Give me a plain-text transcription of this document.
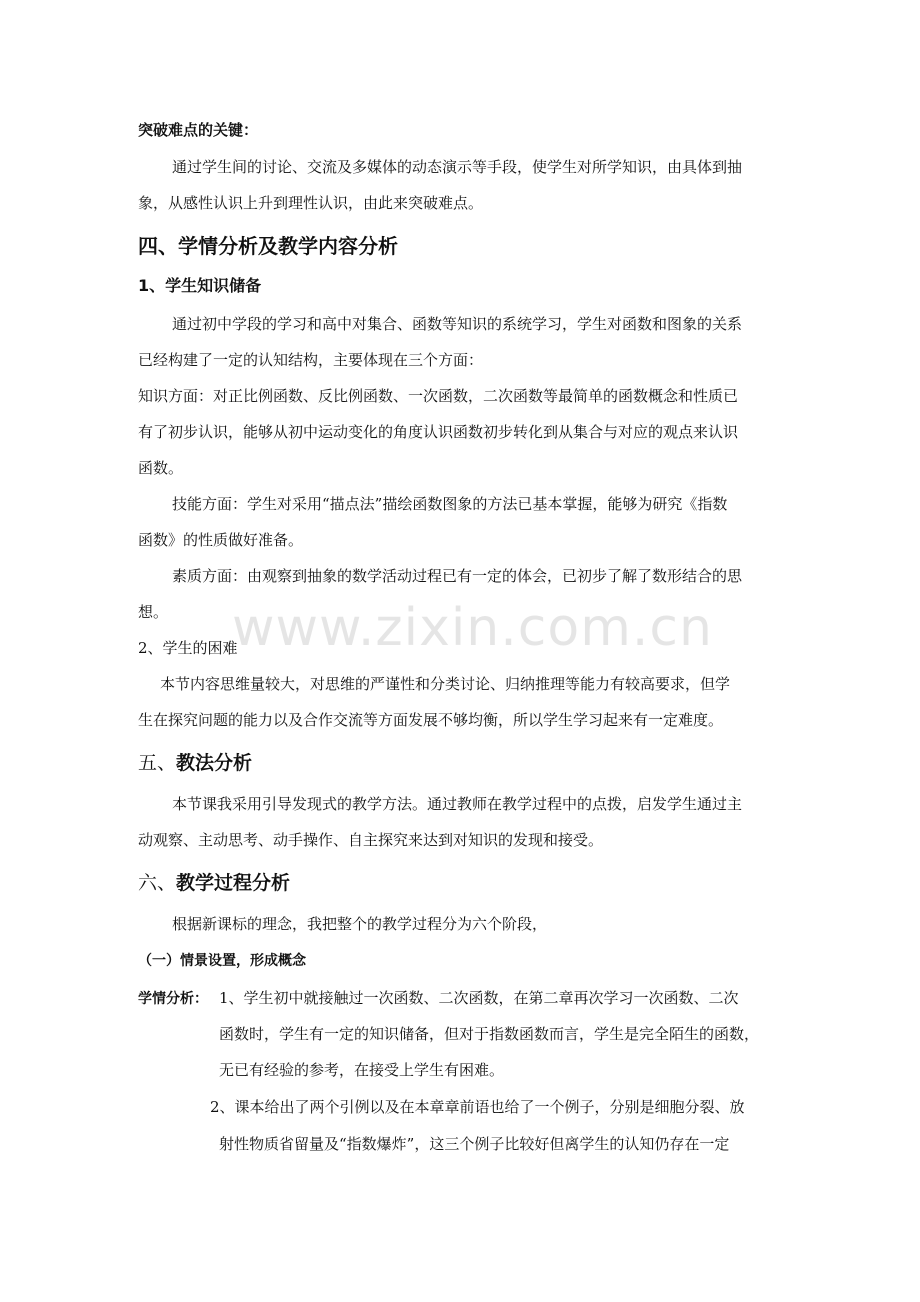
突破难点的关键：
通过学生间的讨论、交流及多媒体的动态演示等手段，使学生对所学知识，由具体到抽
象，从感性认识上升到理性认识，由此来突破难点。
四、学情分析及教学内容分析
1、学生知识储备
通过初中学段的学习和高中对集合、函数等知识的系统学习，学生对函数和图象的关系
已经构建了一定的认知结构，主要体现在三个方面：
知识方面：对正比例函数、反比例函数、一次函数，二次函数等最简单的函数概念和性质已
有了初步认识，能够从初中运动变化的角度认识函数初步转化到从集合与对应的观点来认识
函数。
技能方面：学生对采用“描点法”描绘函数图象的方法已基本掌握，能够为研究《指数
函数》的性质做好准备。
素质方面：由观察到抽象的数学活动过程已有一定的体会，已初步了解了数形结合的思
想。
2、学生的困难
本节内容思维量较大，对思维的严谨性和分类讨论、归纳推理等能力有较高要求，但学
生在探究问题的能力以及合作交流等方面发展不够均衡，所以学生学习起来有一定难度。
五、教法分析
本节课我采用引导发现式的教学方法。通过教师在教学过程中的点拨，启发学生通过主
动观察、主动思考、动手操作、自主探究来达到对知识的发现和接受。
六、教学过程分析
根据新课标的理念，我把整个的教学过程分为六个阶段，
（一）情景设置，形成概念
学情分析： 1、学生初中就接触过一次函数、二次函数，在第二章再次学习一次函数、二次
函数时，学生有一定的知识储备，但对于指数函数而言，学生是完全陌生的函数，
无已有经验的参考，在接受上学生有困难。
2、课本给出了两个引例以及在本章章前语也给了一个例子，分别是细胞分裂、放
射性物质省留量及“指数爆炸”，这三个例子比较好但离学生的认知仍存在一定
www.zixin.com.cn
